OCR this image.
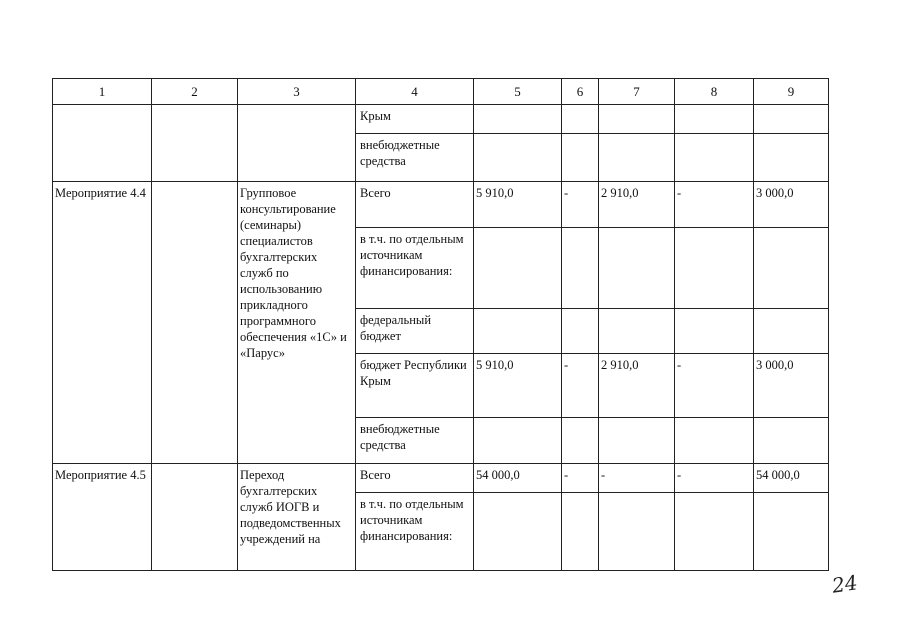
1	2	3	4	5	6	7	8	9

			Крым					

			внебюджетные средства					

Мероприятие 4.4		Групповое консультирование (семинары) специалистов бухгалтерских служб по использованию прикладного программного обеспечения «1С» и «Парус»	Всего	5 910,0	-	2 910,0	-	3 000,0

			в т.ч. по отдельным источникам финансирования:					

			федеральный бюджет					

			бюджет Республики Крым	5 910,0	-	2 910,0	-	3 000,0

			внебюджетные средства					

Мероприятие 4.5		Переход бухгалтерских служб ИОГВ и подведомственных учреждений на	Всего	54 000,0	-	-	-	54 000,0

			в т.ч. по отдельным источникам финансирования:					

24
